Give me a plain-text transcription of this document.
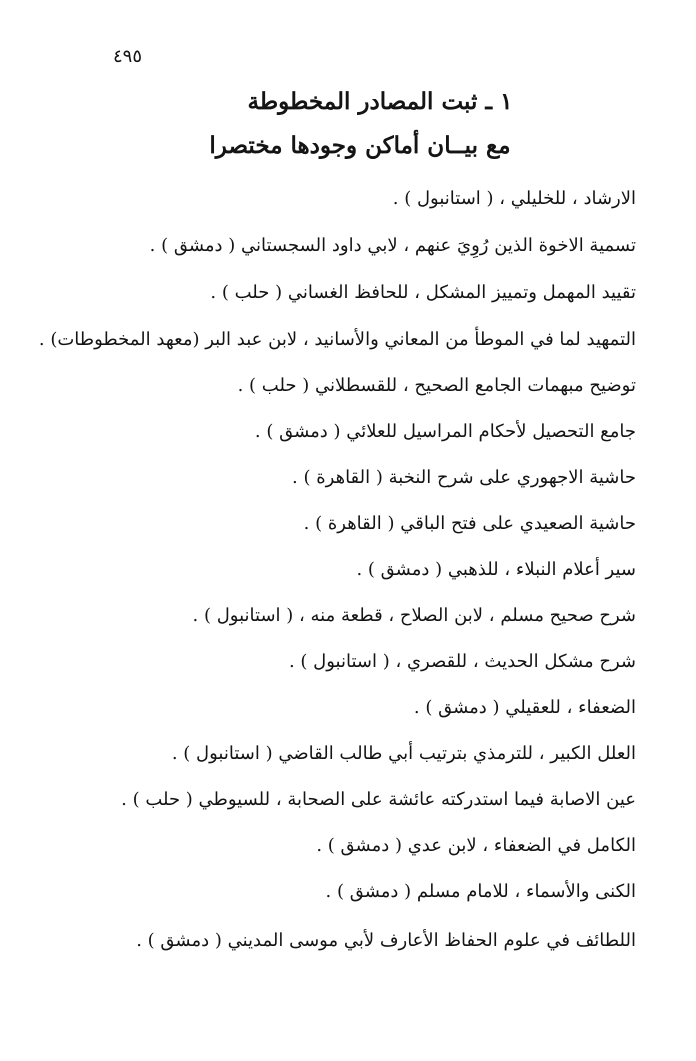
٤٩٥
١ ـ ثبت المصادر المخطوطة
مع بيــان أماكن وجودها مختصرا
الارشاد ، للخليلي ، ( استانبول ) .
تسمية الاخوة الذين رُوِيَ عنهم ، لابي داود السجستاني ( دمشق ) .
تقييد المهمل وتمييز المشكل ، للحافظ الغساني ( حلب ) .
التمهيد لما في الموطأ من المعاني والأسانيد ، لابن عبد البر (معهد المخطوطات) .
توضيح مبهمات الجامع الصحيح ، للقسطلاني ( حلب ) .
جامع التحصيل لأحكام المراسيل للعلائي ( دمشق ) .
حاشية الاجهوري على شرح النخبة ( القاهرة ) .
حاشية الصعيدي على فتح الباقي ( القاهرة ) .
سير أعلام النبلاء ، للذهبي ( دمشق ) .
شرح صحيح مسلم ، لابن الصلاح ، قطعة منه ، ( استانبول ) .
شرح مشكل الحديث ، للقصري ، ( استانبول ) .
الضعفاء ، للعقيلي ( دمشق ) .
العلل الكبير ، للترمذي بترتيب أبي طالب القاضي ( استانبول ) .
عين الاصابة فيما استدركته عائشة على الصحابة ، للسيوطي ( حلب ) .
الكامل في الضعفاء ، لابن عدي ( دمشق ) .
الكنى والأسماء ، للامام مسلم ( دمشق ) .
اللطائف في علوم الحفاظ الأعارف لأبي موسى المديني ( دمشق ) .
